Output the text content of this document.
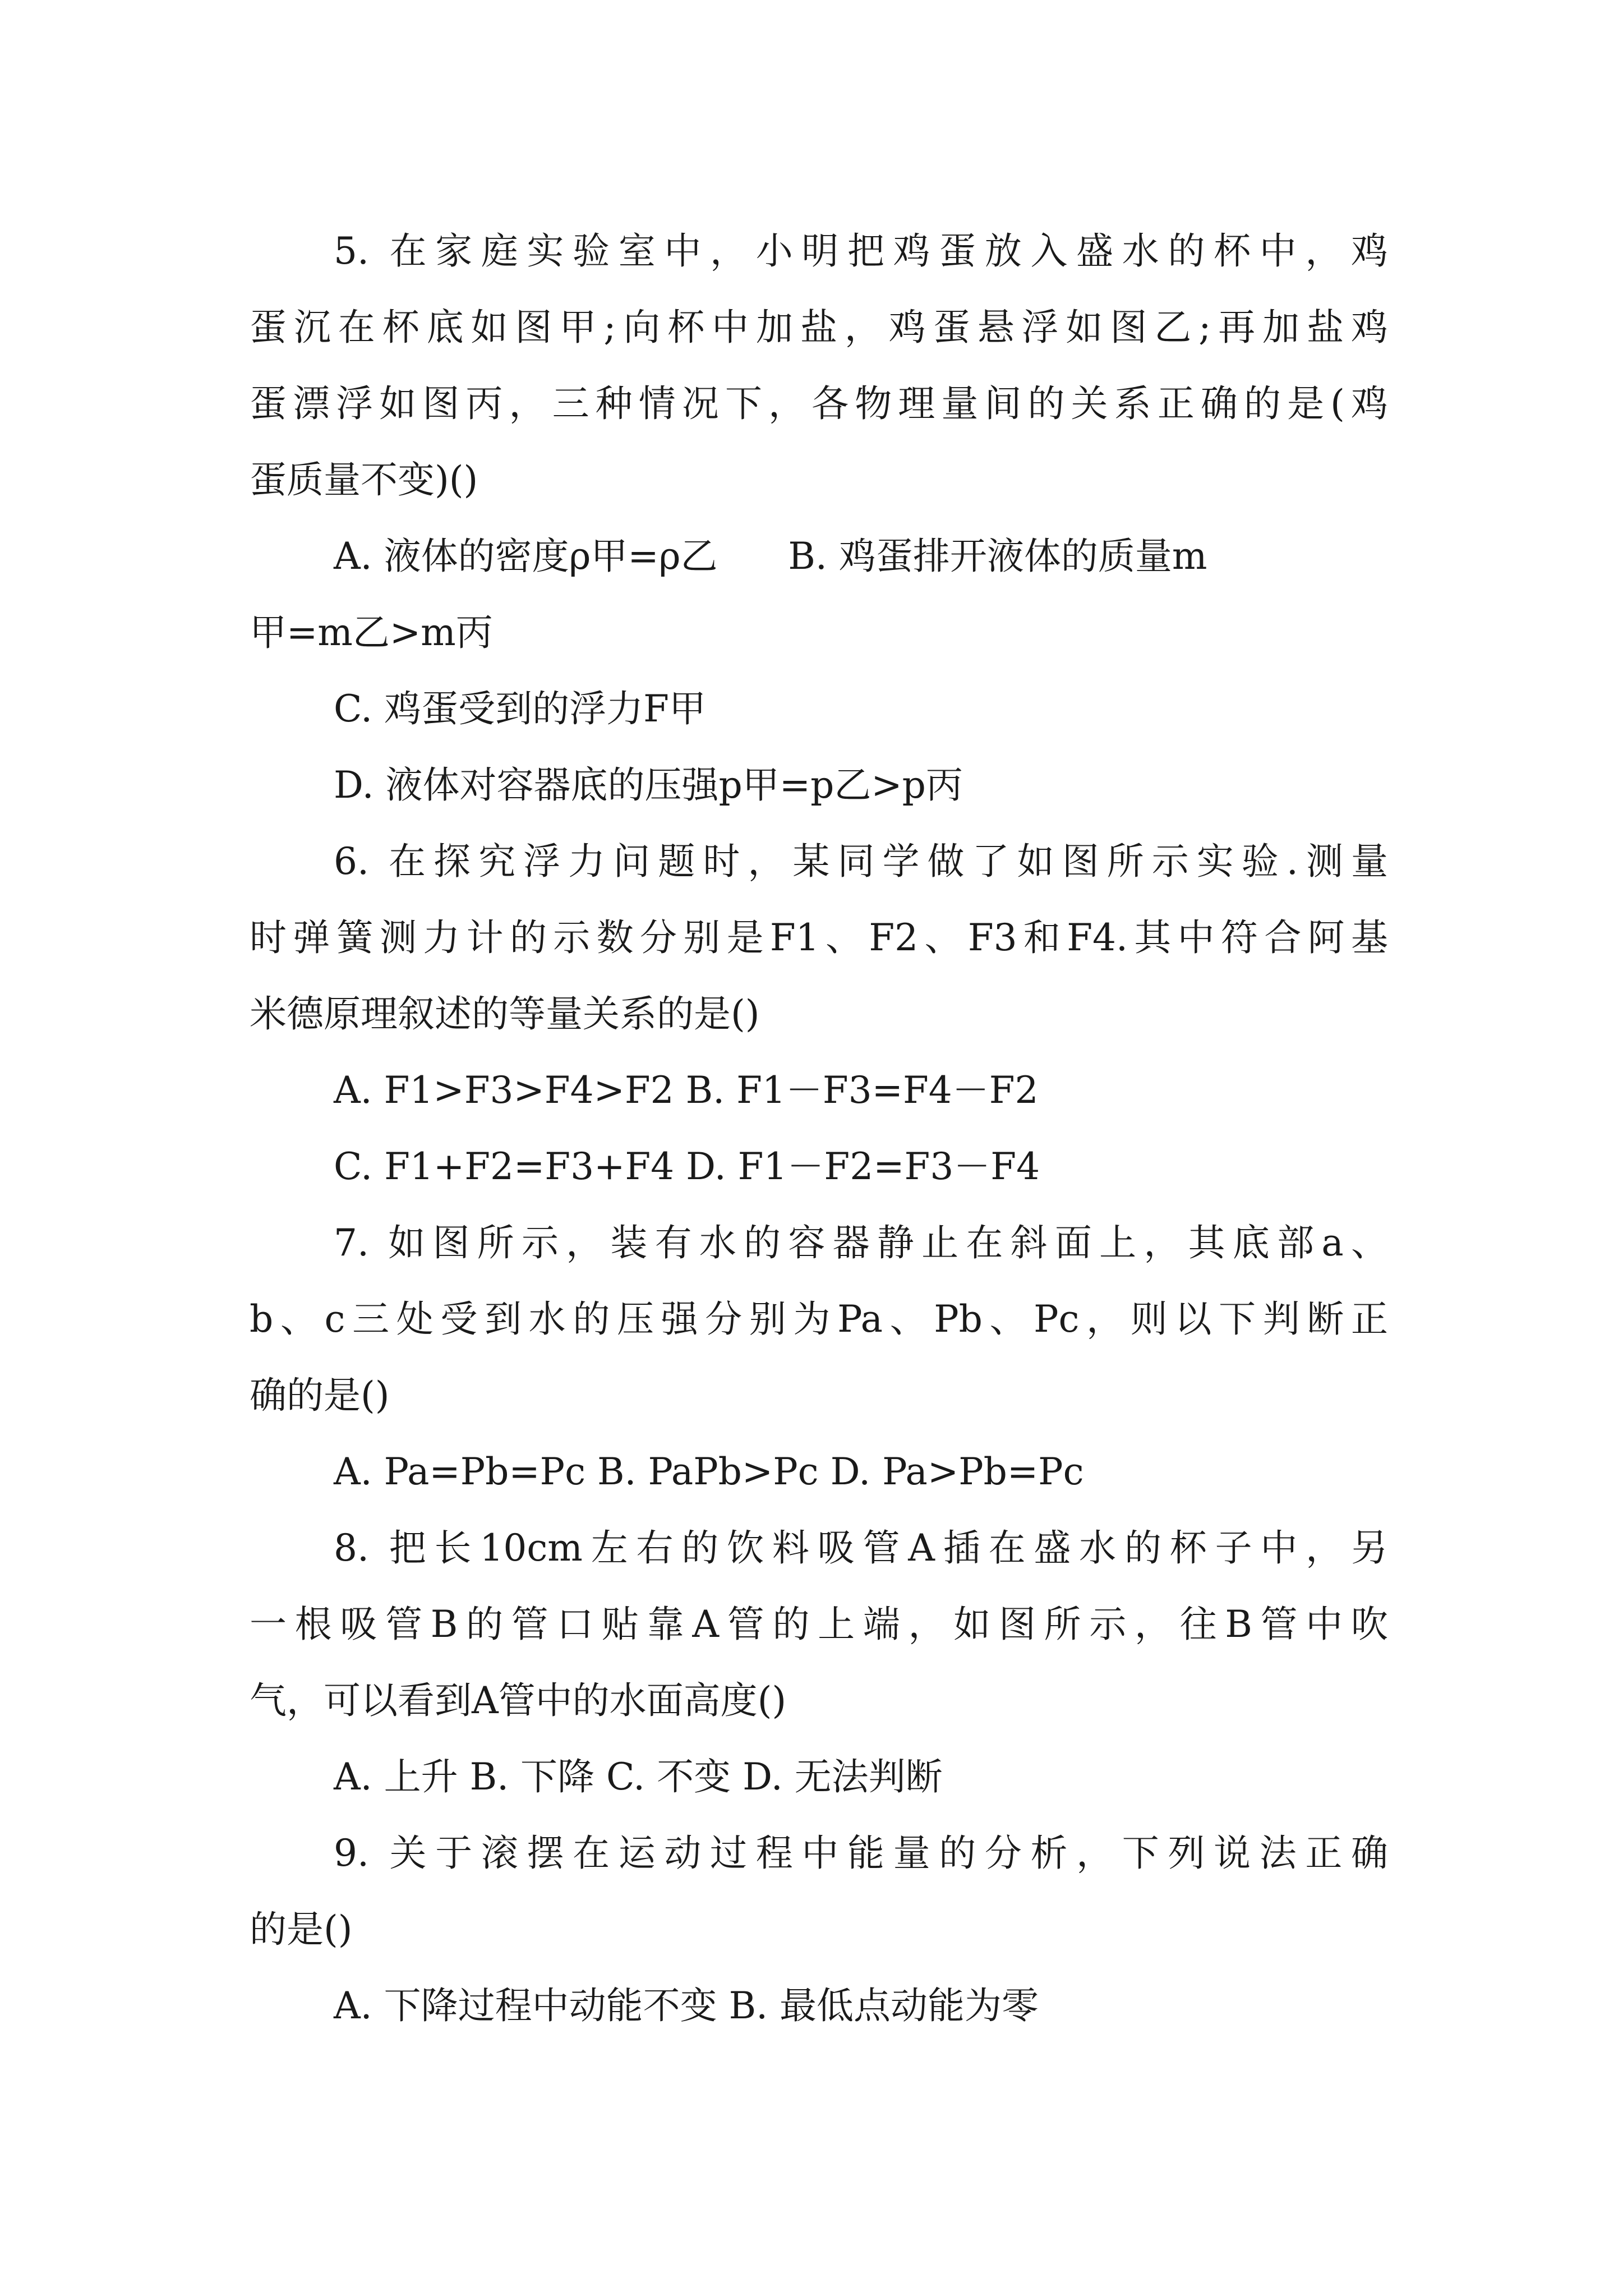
5. 在家庭实验室中，小明把鸡蛋放入盛水的杯中，鸡
蛋沉在杯底如图甲;向杯中加盐，鸡蛋悬浮如图乙;再加盐鸡
蛋漂浮如图丙，三种情况下，各物理量间的关系正确的是(鸡
蛋质量不变)()
A. 液体的密度ρ甲=ρ乙      B. 鸡蛋排开液体的质量m
甲=m乙>m丙
C. 鸡蛋受到的浮力F甲
D. 液体对容器底的压强p甲=p乙>p丙
6. 在探究浮力问题时，某同学做了如图所示实验.测量
时弹簧测力计的示数分别是F1、F2、F3和F4.其中符合阿基
米德原理叙述的等量关系的是()
A. F1>F3>F4>F2 B. F1－F3=F4－F2
C. F1+F2=F3+F4 D. F1－F2=F3－F4
7. 如图所示，装有水的容器静止在斜面上，其底部a、
b、c三处受到水的压强分别为Pa、Pb、Pc，则以下判断正
确的是()
A. Pa=Pb=Pc B. PaPb>Pc D. Pa>Pb=Pc
8. 把长10cm左右的饮料吸管A插在盛水的杯子中，另
一根吸管B的管口贴靠A管的上端，如图所示，往B管中吹
气，可以看到A管中的水面高度()
A. 上升 B. 下降 C. 不变 D. 无法判断
9. 关于滚摆在运动过程中能量的分析，下列说法正确
的是()
A. 下降过程中动能不变 B. 最低点动能为零
